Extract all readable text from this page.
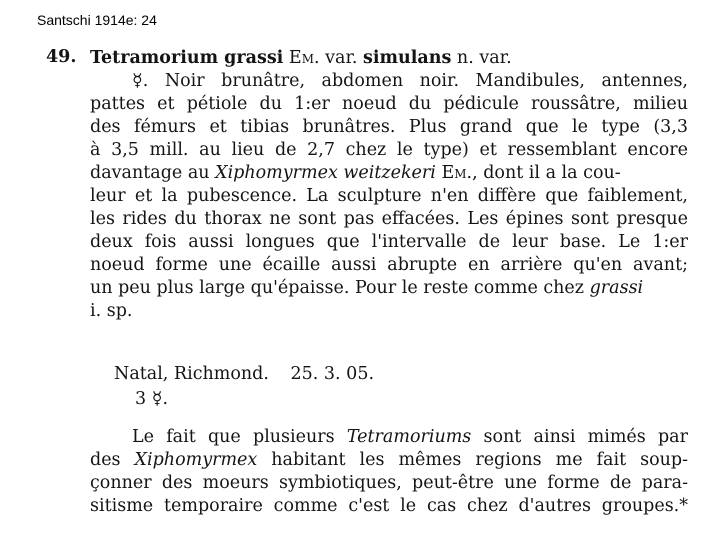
Santschi 1914e: 24
49. Tetramorium grassi Em. var. simulans n. var.
☿. Noir brunâtre, abdomen noir. Mandibules, antennes,
pattes et pétiole du 1:er noeud du pédicule roussâtre, milieu
des fémurs et tibias brunâtres. Plus grand que le type (3,3
à 3,5 mill. au lieu de 2,7 chez le type) et ressemblant encore
davantage au Xiphomyrmex weitzekeri Em., dont il a la cou-
leur et la pubescence. La sculpture n'en diffère que faiblement,
les rides du thorax ne sont pas effacées. Les épines sont presque
deux fois aussi longues que l'intervalle de leur base. Le 1:er
noeud forme une écaille aussi abrupte en arrière qu'en avant;
un peu plus large qu'épaisse. Pour le reste comme chez grassi
i. sp.
Natal, Richmond. 25. 3. 05.
3 ☿.
Le fait que plusieurs Tetramoriums sont ainsi mimés par
des Xiphomyrmex habitant les mêmes regions me fait soup-
çonner des moeurs symbiotiques, peut-être une forme de para-
sitisme temporaire comme c'est le cas chez d'autres groupes.*
